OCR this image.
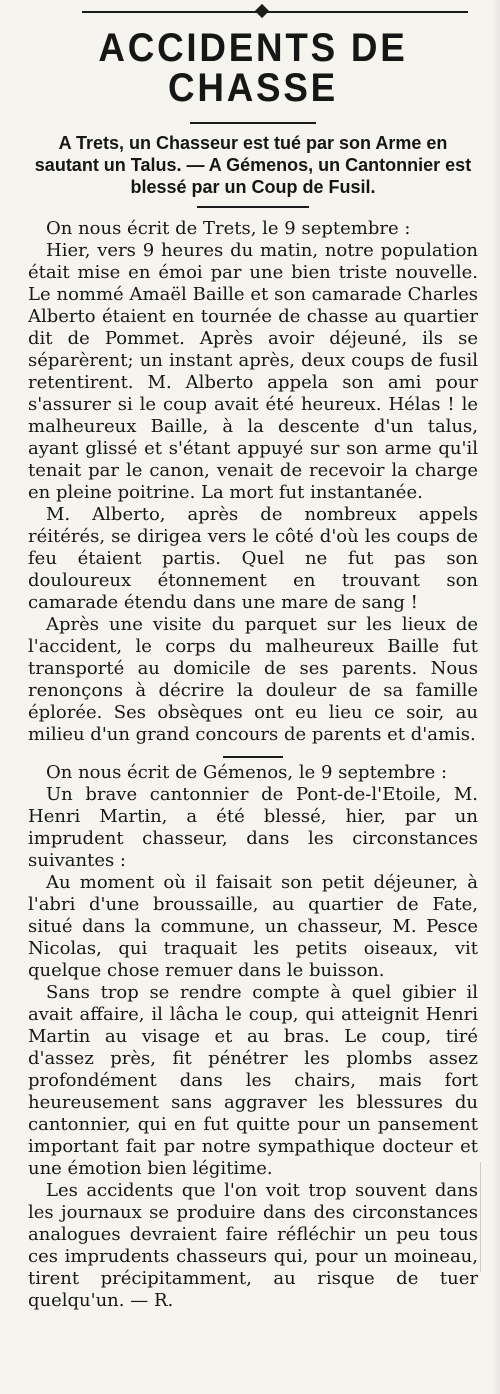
ACCIDENTS DE CHASSE
A Trets, un Chasseur est tué par son Arme en sautant un Talus. — A Gémenos, un Cantonnier est blessé par un Coup de Fusil.

On nous écrit de Trets, le 9 septembre :

Hier, vers 9 heures du matin, notre population était mise en émoi par une bien triste nouvelle. Le nommé Amaël Baille et son camarade Charles Alberto étaient en tournée de chasse au quartier dit de Pommet. Après avoir déjeuné, ils se séparèrent; un instant après, deux coups de fusil retentirent. M. Alberto appela son ami pour s'assurer si le coup avait été heureux. Hélas ! le malheureux Baille, à la descente d'un talus, ayant glissé et s'étant appuyé sur son arme qu'il tenait par le canon, venait de recevoir la charge en pleine poitrine. La mort fut instantanée.

M. Alberto, après de nombreux appels réitérés, se dirigea vers le côté d'où les coups de feu étaient partis. Quel ne fut pas son douloureux étonnement en trouvant son camarade étendu dans une mare de sang !

Après une visite du parquet sur les lieux de l'accident, le corps du malheureux Baille fut transporté au domicile de ses parents. Nous renonçons à décrire la douleur de sa famille éplorée. Ses obsèques ont eu lieu ce soir, au milieu d'un grand concours de parents et d'amis.

On nous écrit de Gémenos, le 9 septembre :

Un brave cantonnier de Pont-de-l'Etoile, M. Henri Martin, a été blessé, hier, par un imprudent chasseur, dans les circonstances suivantes :

Au moment où il faisait son petit déjeuner, à l'abri d'une broussaille, au quartier de Fate, situé dans la commune, un chasseur, M. Pesce Nicolas, qui traquait les petits oiseaux, vit quelque chose remuer dans le buisson.

Sans trop se rendre compte à quel gibier il avait affaire, il lâcha le coup, qui atteignit Henri Martin au visage et au bras. Le coup, tiré d'assez près, fit pénétrer les plombs assez profondément dans les chairs, mais fort heureusement sans aggraver les blessures du cantonnier, qui en fut quitte pour un pansement important fait par notre sympathique docteur et une émotion bien légitime.

Les accidents que l'on voit trop souvent dans les journaux se produire dans des circonstances analogues devraient faire réfléchir un peu tous ces imprudents chasseurs qui, pour un moineau, tirent précipitamment, au risque de tuer quelqu'un. — R.
